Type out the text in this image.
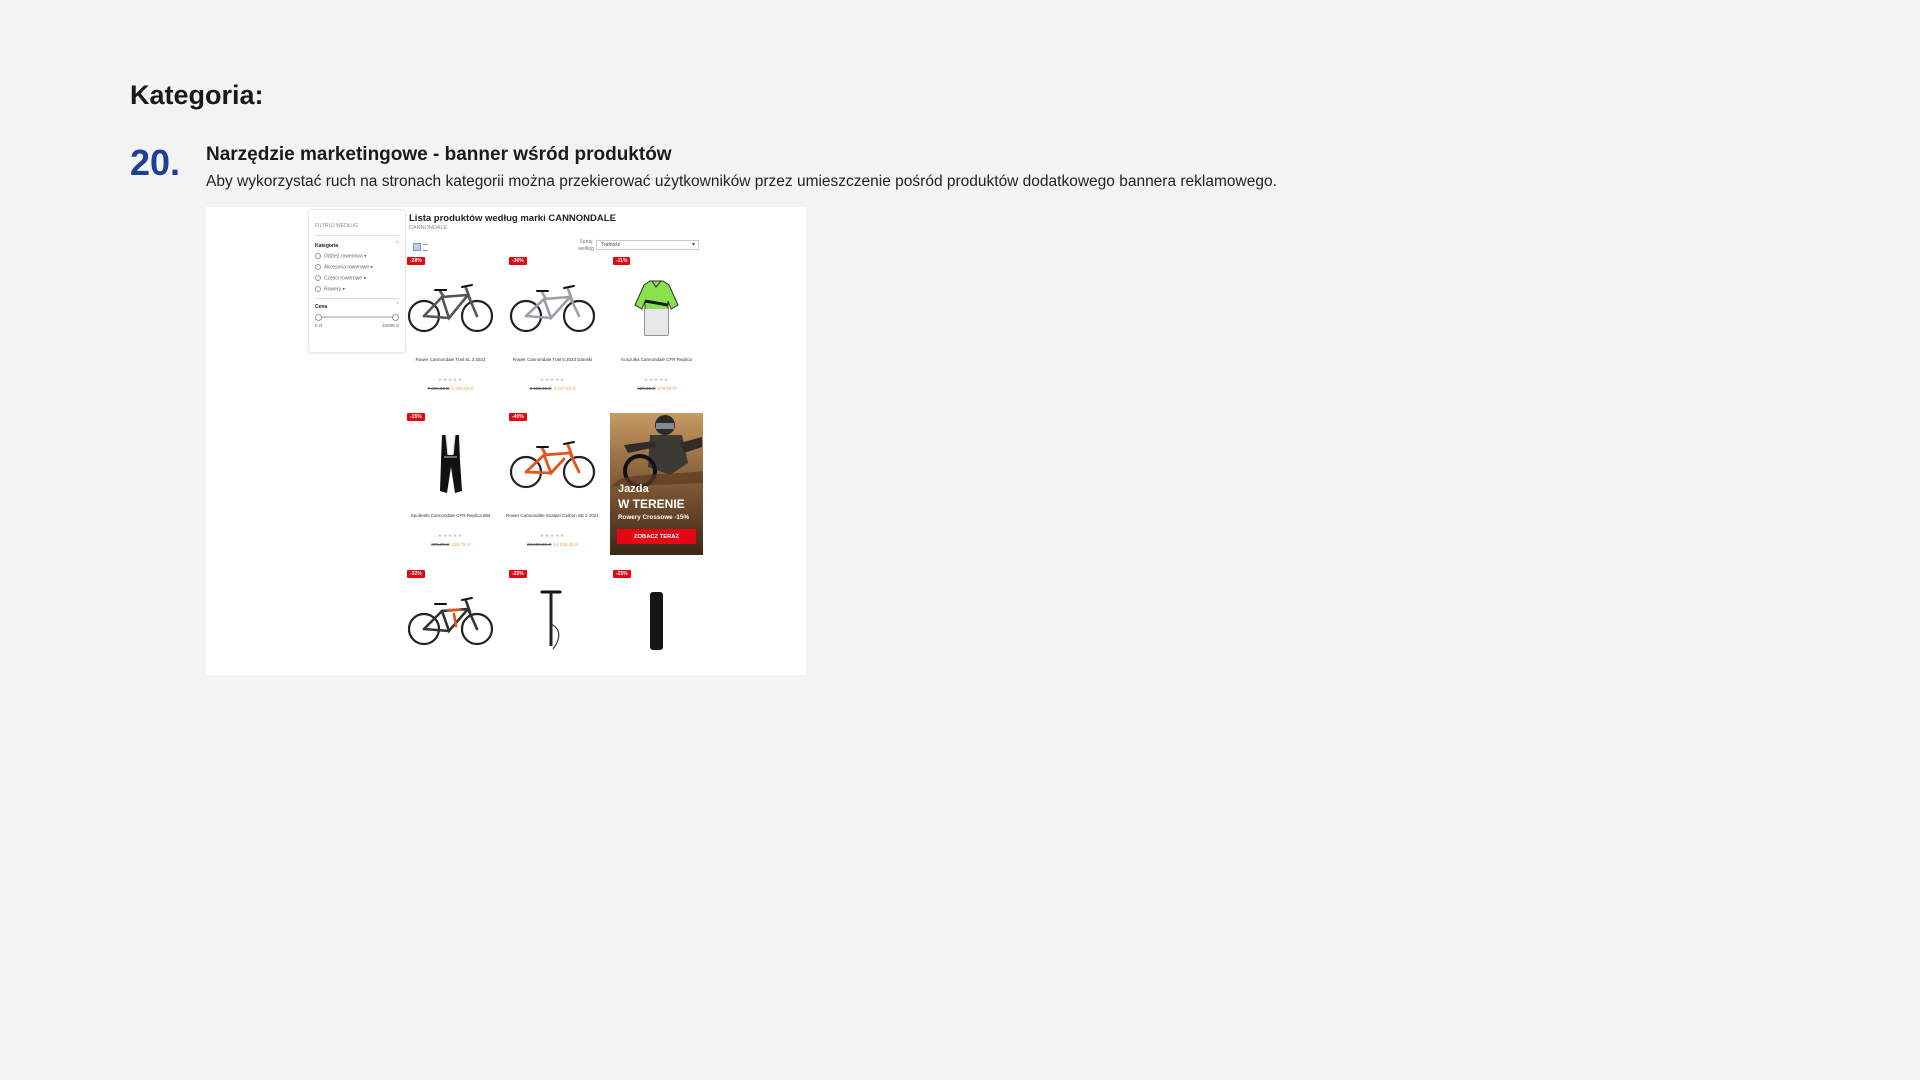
Kategoria:
20. Narzędzie marketingowe - banner wśród produktów
Aby wykorzystać ruch na stronach kategorii można przekierować użytkowników przez umieszczenie pośród produktów dodatkowego bannera reklamowego.
FILTRUJ WEDŁUG
Kategoria	^
Odzież rowerowa ▾
Akcesoria rowerowe ▾
Części rowerowe ▾
Rowery ▾
Cena	^
0 zł	25899 zł
Lista produktów według marki CANNONDALE
CANNONDALE
Sortuj według
Trafność ▾
-28%
Rower Cannondale Trail SL 3 2023
★★★★★
7 299,00 zł 5 255,28 zł
-36%
Rower Cannondale Trail 5 2023 Damski
★★★★★
5 699,00 zł 3 647,36 zł
-11%
Koszulka Cannondale CFR Replica
★★★★★
429,00 zł 379,00 zł
-15%
Spodenki Cannondale CFR Replica BIB
★★★★★
375,00 zł 318,75 zł
-40%
Rower Cannondale Scalpel Carbon SE 2 2021
★★★★★
23 699,00 zł 14 219,40 zł
Jazda
W TERENIE
Rowery Crossowe -15%
ZOBACZ TERAZ
-32%	-25%	-25%
